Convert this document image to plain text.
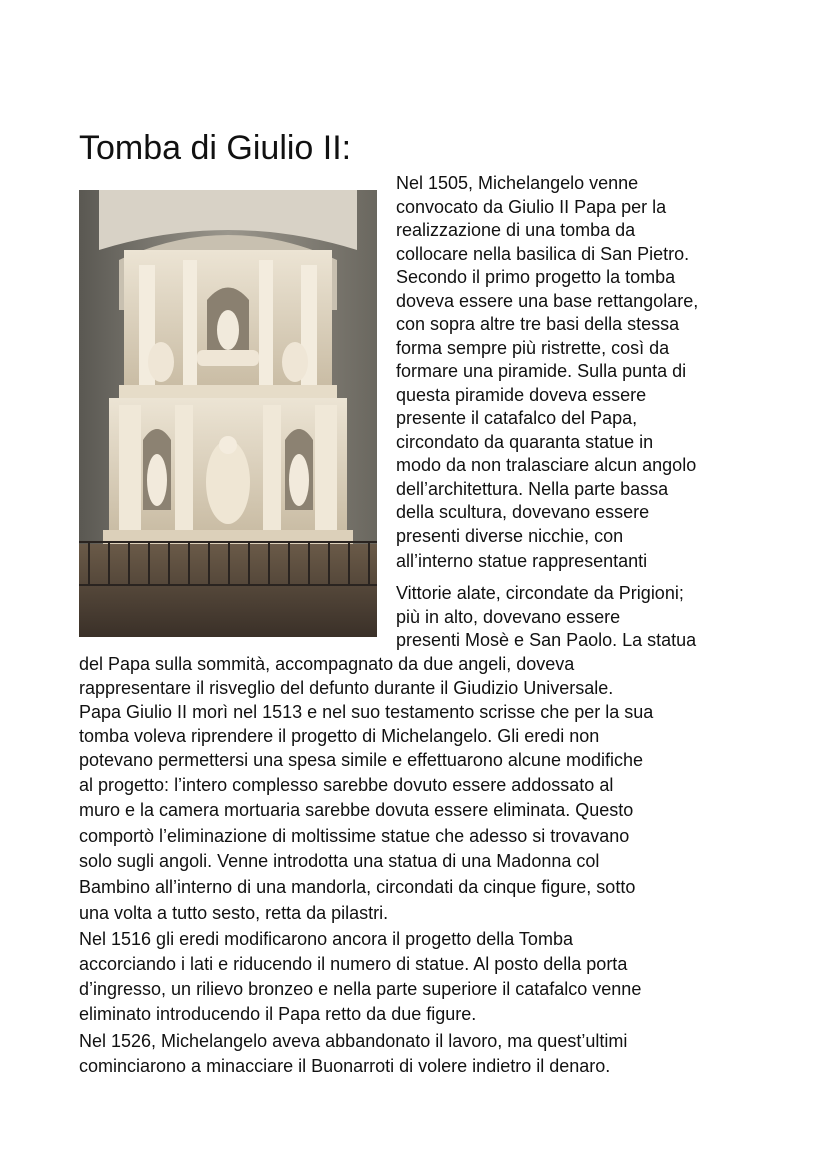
Tomba di Giulio II:

Nel 1505, Michelangelo venne

convocato da Giulio II Papa per la

realizzazione di una tomba da

collocare nella basilica di San Pietro.

Secondo il primo progetto la tomba

doveva essere una base rettangolare,

con sopra altre tre basi della stessa

forma sempre più ristrette, così da

formare una piramide. Sulla punta di

questa piramide doveva essere

presente il catafalco del Papa,

circondato da quaranta statue in

modo da non tralasciare alcun angolo

dell’architettura. Nella parte bassa

della scultura, dovevano essere

presenti diverse nicchie, con

all’interno statue rappresentanti

Vittorie alate, circondate da Prigioni;

più in alto, dovevano essere

presenti Mosè e San Paolo. La statua

del Papa sulla sommità, accompagnato da due angeli, doveva

rappresentare il risveglio del defunto durante il Giudizio Universale.

Papa Giulio II morì nel 1513 e nel suo testamento scrisse che per la sua

tomba voleva riprendere il progetto di Michelangelo. Gli eredi non

potevano permettersi una spesa simile e effettuarono alcune modifiche

al progetto: l’intero complesso sarebbe dovuto essere addossato al

muro e la camera mortuaria sarebbe dovuta essere eliminata. Questo

comportò l’eliminazione di moltissime statue che adesso si trovavano

solo sugli angoli. Venne introdotta una statua di una Madonna col

Bambino all’interno di una mandorla, circondati da cinque figure, sotto

una volta a tutto sesto, retta da pilastri.

Nel 1516 gli eredi modificarono ancora il progetto della Tomba

accorciando i lati e riducendo il numero di statue. Al posto della porta

d’ingresso, un rilievo bronzeo e nella parte superiore il catafalco venne

eliminato introducendo il Papa retto da due figure.

Nel 1526, Michelangelo aveva abbandonato il lavoro, ma quest’ultimi

cominciarono a minacciare il Buonarroti di volere indietro il denaro.
